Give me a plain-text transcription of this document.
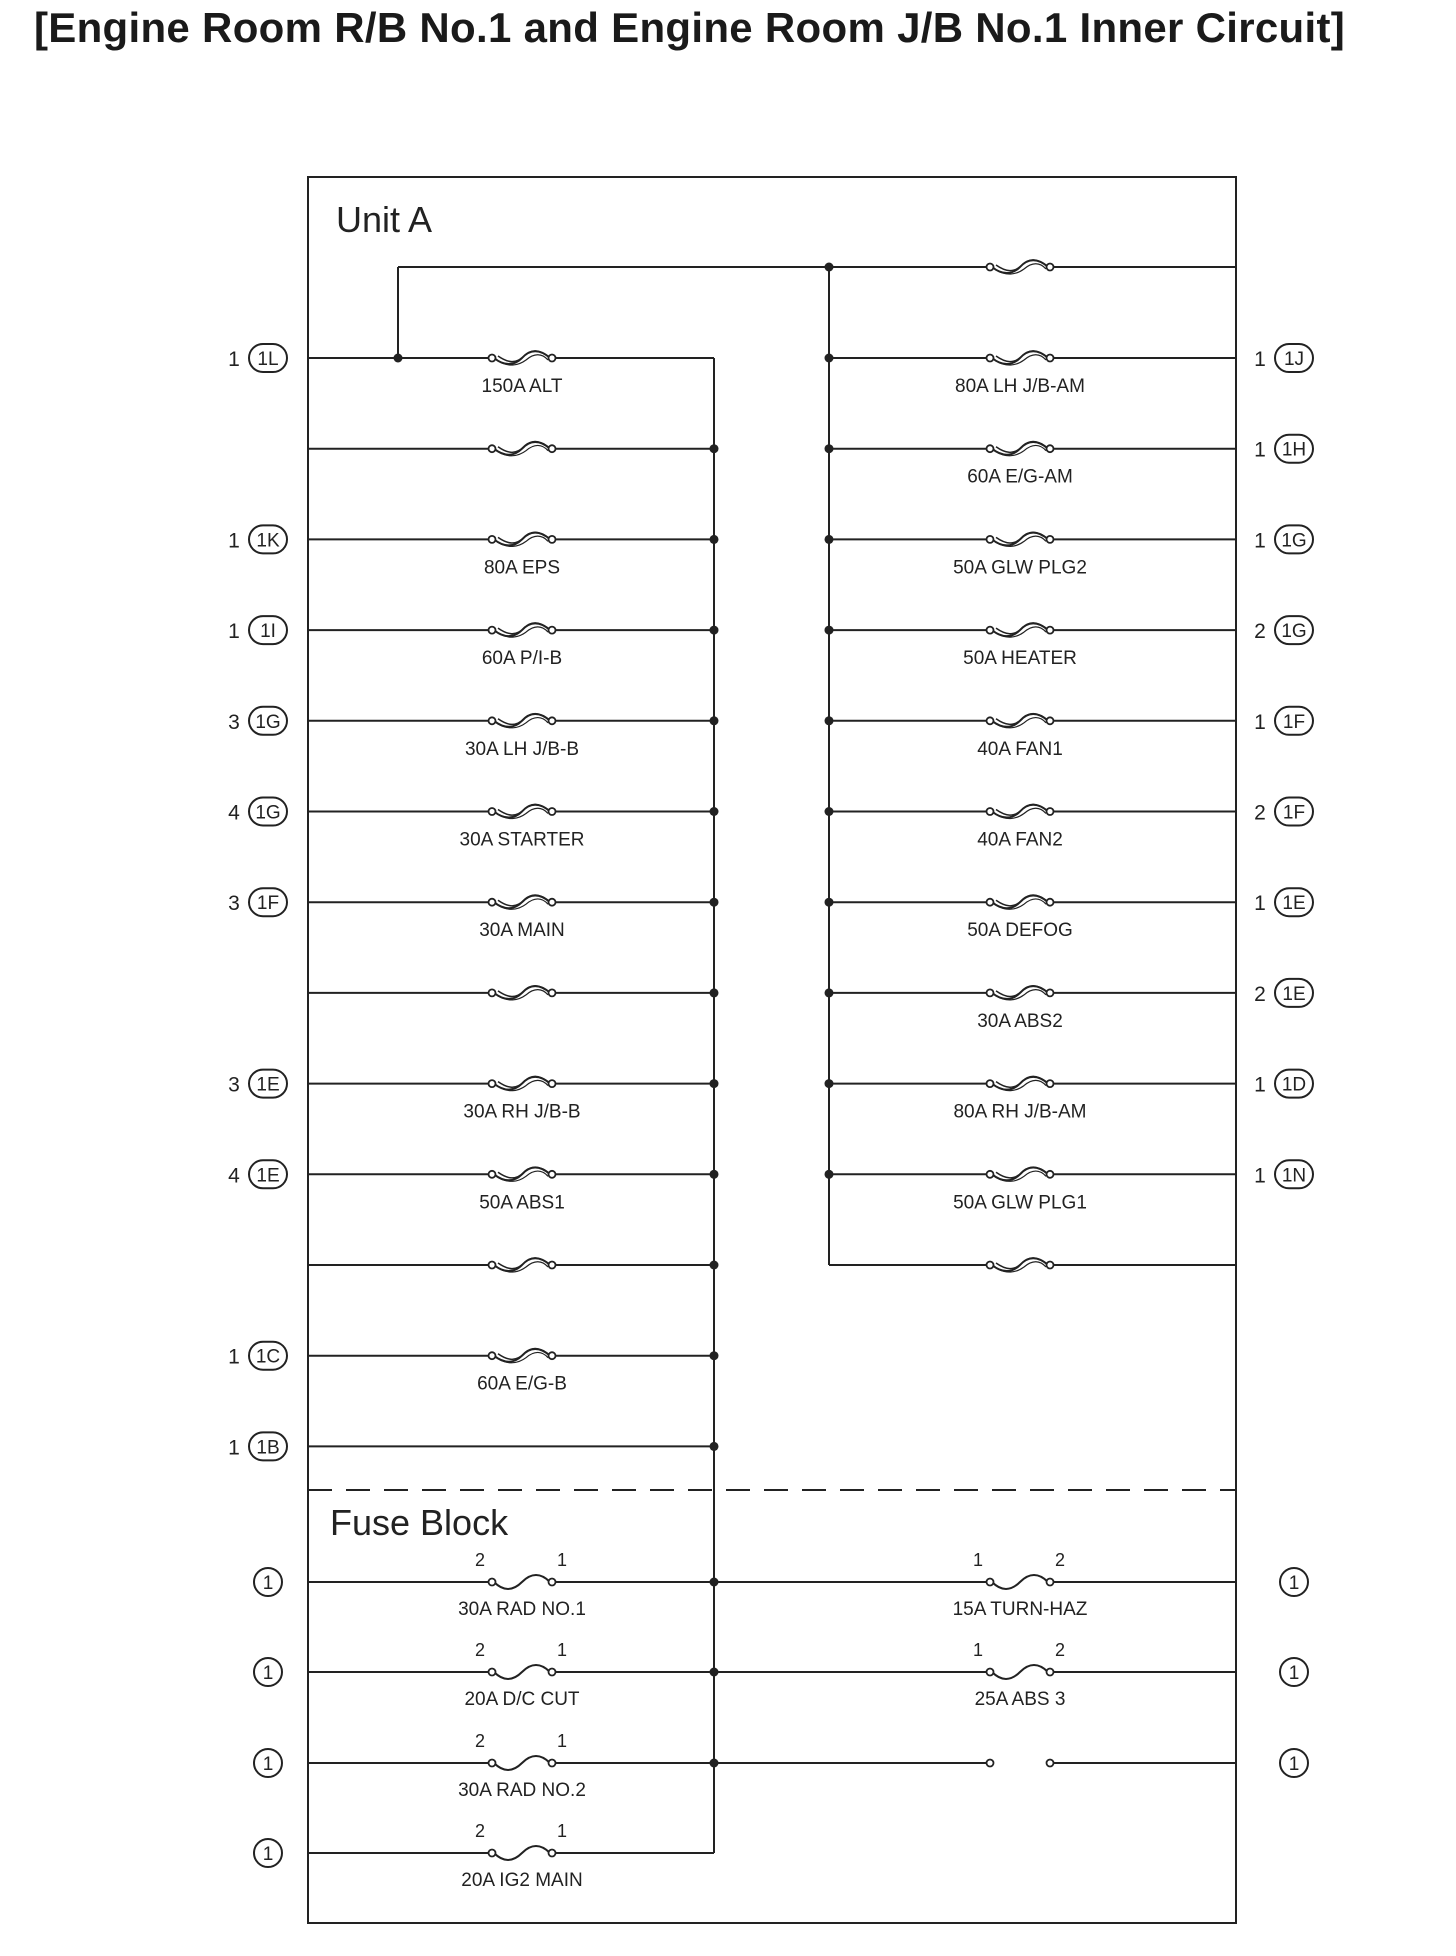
[Engine Room R/B No.1 and Engine Room J/B No.1 Inner Circuit]
Unit A
Fuse Block
1 1L
150A ALT
1 1K
80A EPS
1 1I
60A P/I-B
3 1G
30A LH J/B-B
4 1G
30A STARTER
3 1F
30A MAIN
3 1E
30A RH J/B-B
4 1E
50A ABS1
1 1C
60A E/G-B
1 1B
1 1J
80A LH J/B-AM
1 1H
60A E/G-AM
1 1G
50A GLW PLG2
2 1G
50A HEATER
1 1F
40A FAN1
2 1F
40A FAN2
1 1E
50A DEFOG
2 1E
30A ABS2
1 1D
80A RH J/B-AM
1 1N
50A GLW PLG1
2	1
30A RAD NO.1
1
2	1
20A D/C CUT
1
2	1
30A RAD NO.2
1
2	1
20A IG2 MAIN
1
1	2
15A TURN-HAZ
1
1	2
25A ABS 3
1
1
